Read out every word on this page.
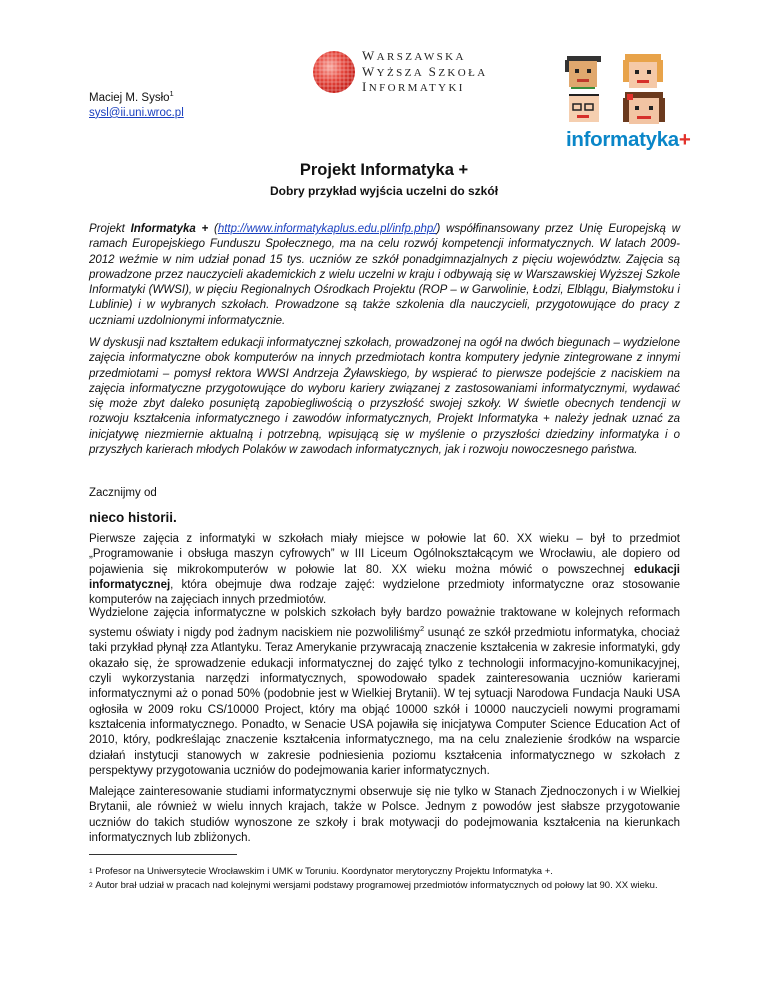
Maciej M. Sysło$^1$
sysl@ii.uni.wroc.pl
WARSZAWSKA
WYŻSZA SZKOŁA
INFORMATYKI
informatyka+
Projekt Informatyka +
Dobry przykład wyjścia uczelni do szkół
Projekt Informatyka + (http://www.informatykaplus.edu.pl/infp.php/) współfinansowany przez Unię Europejską w ramach Europejskiego Funduszu Społecznego, ma na celu rozwój kompetencji informatycznych. W latach 2009-2012 weźmie w nim udział ponad 15 tys. uczniów ze szkół ponadgimnazjalnych z pięciu województw. Zajęcia są prowadzone przez nauczycieli akademickich z wielu uczelni w kraju i odbywają się w Warszawskiej Wyższej Szkole Informatyki (WWSI), w pięciu Regionalnych Ośrodkach Projektu (ROP – w Garwolinie, Łodzi, Elblągu, Białymstoku i Lublinie) i w wybranych szkołach. Prowadzone są także szkolenia dla nauczycieli, przygotowujące do pracy z uczniami uzdolnionymi informatycznie.
W dyskusji nad kształtem edukacji informatycznej szkołach, prowadzonej na ogół na dwóch biegunach – wydzielone zajęcia informatyczne obok komputerów na innych przedmiotach kontra komputery jedynie zintegrowane z innymi przedmiotami – pomysł rektora WWSI Andrzeja Żyławskiego, by wspierać to pierwsze podejście z naciskiem na zajęcia informatyczne przygotowujące do wyboru kariery związanej z zastosowaniami informatycznymi, wydawać się może zbyt daleko posuniętą zapobiegliwością o przyszłość swojej szkoły. W świetle obecnych tendencji w rozwoju kształcenia informatycznego i zawodów informatycznych, Projekt Informatyka + należy jednak uznać za inicjatywę niezmiernie aktualną i potrzebną, wpisującą się w myślenie o przyszłości dziedziny informatyka i o przyszłych karierach młodych Polaków w zawodach informatycznych, jak i rozwoju nowoczesnego państwa.
Zacznijmy od
nieco historii.
Pierwsze zajęcia z informatyki w szkołach miały miejsce w połowie lat 60. XX wieku – był to przedmiot „Programowanie i obsługa maszyn cyfrowych” w III Liceum Ogólnokształcącym we Wrocławiu, ale dopiero od pojawienia się mikrokomputerów w połowie lat 80. XX wieku można mówić o powszechnej edukacji informatycznej, która obejmuje dwa rodzaje zajęć: wydzielone przedmioty informatyczne oraz stosowanie komputerów na zajęciach innych przedmiotów.
Wydzielone zajęcia informatyczne w polskich szkołach były bardzo poważnie traktowane w kolejnych reformach systemu oświaty i nigdy pod żadnym naciskiem nie pozwoliliśmy$^2$ usunąć ze szkół przedmiotu informatyka, chociaż taki przykład płynął zza Atlantyku. Teraz Amerykanie przywracają znaczenie kształcenia w zakresie informatyki, gdy okazało się, że sprowadzenie edukacji informatycznej do zajęć tylko z technologii informacyjno-komunikacyjnej, czyli wykorzystania narzędzi informatycznych, spowodowało spadek zainteresowania uczniów karierami informatycznymi aż o ponad 50% (podobnie jest w Wielkiej Brytanii). W tej sytuacji Narodowa Fundacja Nauki USA ogłosiła w 2009 roku CS/10000 Project, który ma objąć 10000 szkół i 10000 nauczycieli nowymi programami kształcenia informatycznego. Ponadto, w Senacie USA pojawiła się inicjatywa Computer Science Education Act of 2010, który, podkreślając znaczenie kształcenia informatycznego, ma na celu znalezienie środków na wsparcie działań instytucji stanowych w zakresie podniesienia poziomu kształcenia informatycznego w szkołach z perspektywy przygotowania uczniów do podejmowania karier informatycznych.
Malejące zainteresowanie studiami informatycznymi obserwuje się nie tylko w Stanach Zjednoczonych i w Wielkiej Brytanii, ale również w wielu innych krajach, także w Polsce. Jednym z powodów jest słabsze przygotowanie uczniów do takich studiów wynoszone ze szkoły i brak motywacji do podejmowania kształcenia na kierunkach informatycznych lub zbliżonych.
$^1$ Profesor na Uniwersytecie Wrocławskim i UMK w Toruniu. Koordynator merytoryczny Projektu Informatyka +.
$^2$ Autor brał udział w pracach nad kolejnymi wersjami podstawy programowej przedmiotów informatycznych od połowy lat 90. XX wieku.
